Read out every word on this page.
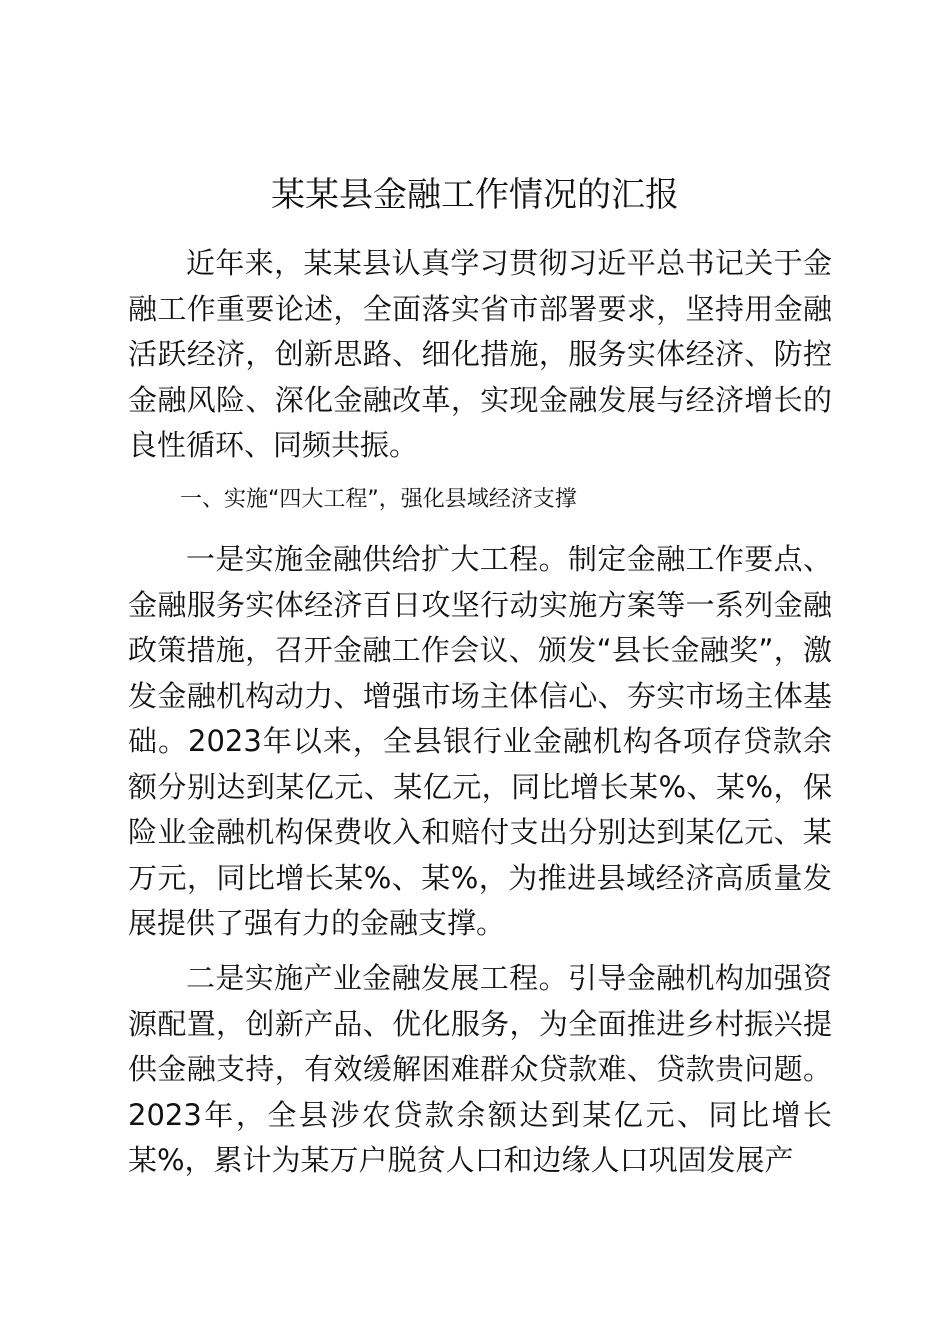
某某县金融工作情况的汇报

近年来，某某县认真学习贯彻习近平总书记关于金融工作重要论述，全面落实省市部署要求，坚持用金融活跃经济，创新思路、细化措施，服务实体经济、防控金融风险、深化金融改革，实现金融发展与经济增长的良性循环、同频共振。

一、实施“四大工程”，强化县域经济支撑

一是实施金融供给扩大工程。制定金融工作要点、金融服务实体经济百日攻坚行动实施方案等一系列金融政策措施，召开金融工作会议、颁发“县长金融奖”，激发金融机构动力、增强市场主体信心、夯实市场主体基础。2023年以来，全县银行业金融机构各项存贷款余额分别达到某亿元、某亿元，同比增长某%、某%，保险业金融机构保费收入和赔付支出分别达到某亿元、某万元，同比增长某%、某%，为推进县域经济高质量发展提供了强有力的金融支撑。

二是实施产业金融发展工程。引导金融机构加强资源配置，创新产品、优化服务，为全面推进乡村振兴提供金融支持，有效缓解困难群众贷款难、贷款贵问题。2023年，全县涉农贷款余额达到某亿元、同比增长某%，累计为某万户脱贫人口和边缘人口巩固发展产
